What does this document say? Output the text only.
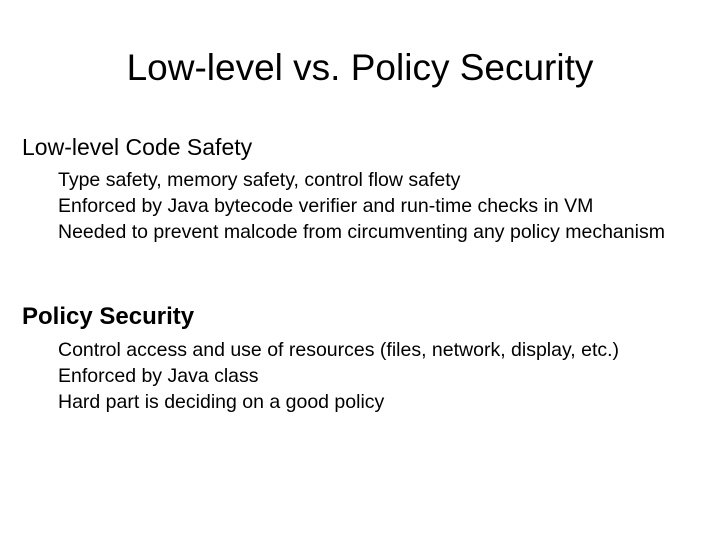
Low-level vs. Policy Security
Low-level Code Safety
Type safety, memory safety, control flow safety
Enforced by Java bytecode verifier and run-time checks in VM
Needed to prevent malcode from circumventing any policy mechanism
Policy Security
Control access and use of resources (files, network, display, etc.)
Enforced by Java class
Hard part is deciding on a good policy
